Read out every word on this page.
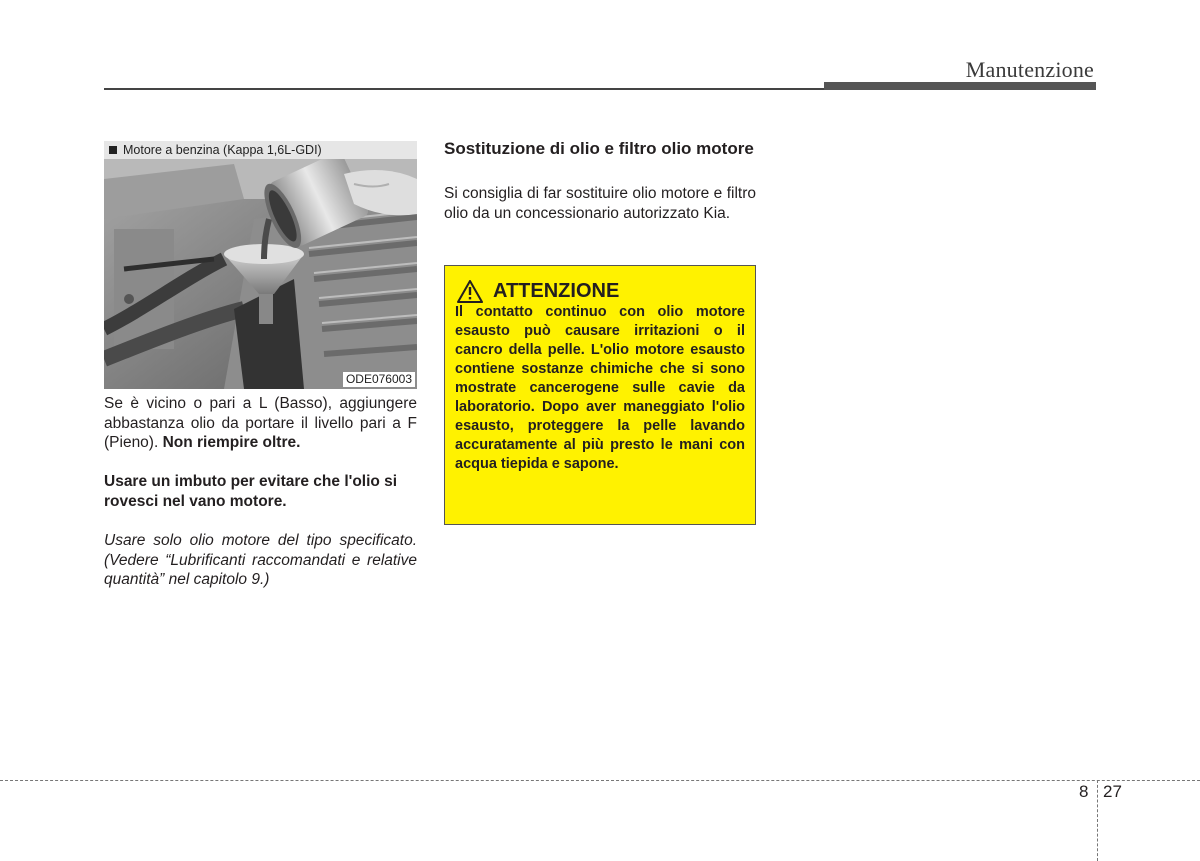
Manutenzione
Motore a benzina (Kappa 1,6L-GDI)
ODE076003
Se è vicino o pari a L (Basso), aggiungere abbastanza olio da portare il livello pari a F (Pieno). Non riempire oltre.
Usare un imbuto per evitare che l'olio si rovesci nel vano motore.
Usare solo olio motore del tipo specificato. (Vedere “Lubrificanti raccomandati e relative quantità” nel capitolo 9.)
Sostituzione di olio e filtro olio motore
Si consiglia di far sostituire olio motore e filtro olio da un concessionario autorizzato Kia.
ATTENZIONE
Il contatto continuo con olio motore esausto può causare irritazioni o il cancro della pelle. L'olio motore esausto contiene sostanze chimiche che si sono mostrate cancerogene sulle cavie da laboratorio. Dopo aver maneggiato l'olio esausto, proteggere la pelle lavando accuratamente al più presto le mani con acqua tiepida e sapone.
8 27
